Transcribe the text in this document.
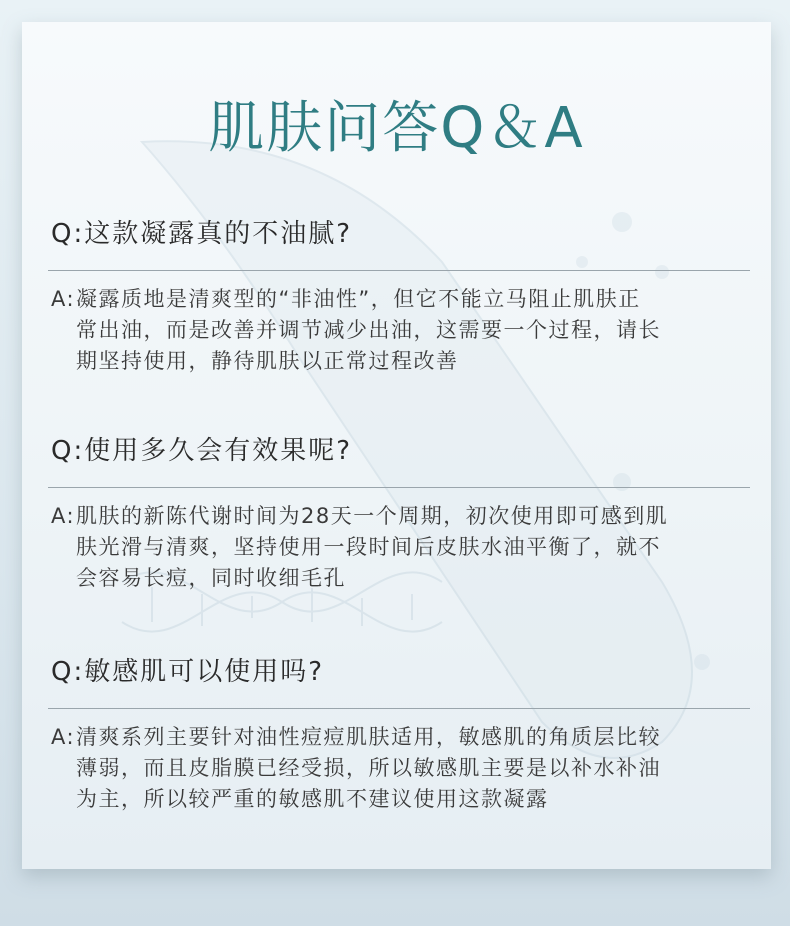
肌肤问答Q＆A
Q:这款凝露真的不油腻?
A: 凝露质地是清爽型的“非油性”，但它不能立马阻止肌肤正
常出油，而是改善并调节减少出油，这需要一个过程，请长
期坚持使用，静待肌肤以正常过程改善
Q:使用多久会有效果呢?
A: 肌肤的新陈代谢时间为28天一个周期，初次使用即可感到肌
肤光滑与清爽，坚持使用一段时间后皮肤水油平衡了，就不
会容易长痘，同时收细毛孔
Q:敏感肌可以使用吗?
A: 清爽系列主要针对油性痘痘肌肤适用，敏感肌的角质层比较
薄弱，而且皮脂膜已经受损，所以敏感肌主要是以补水补油
为主，所以较严重的敏感肌不建议使用这款凝露
